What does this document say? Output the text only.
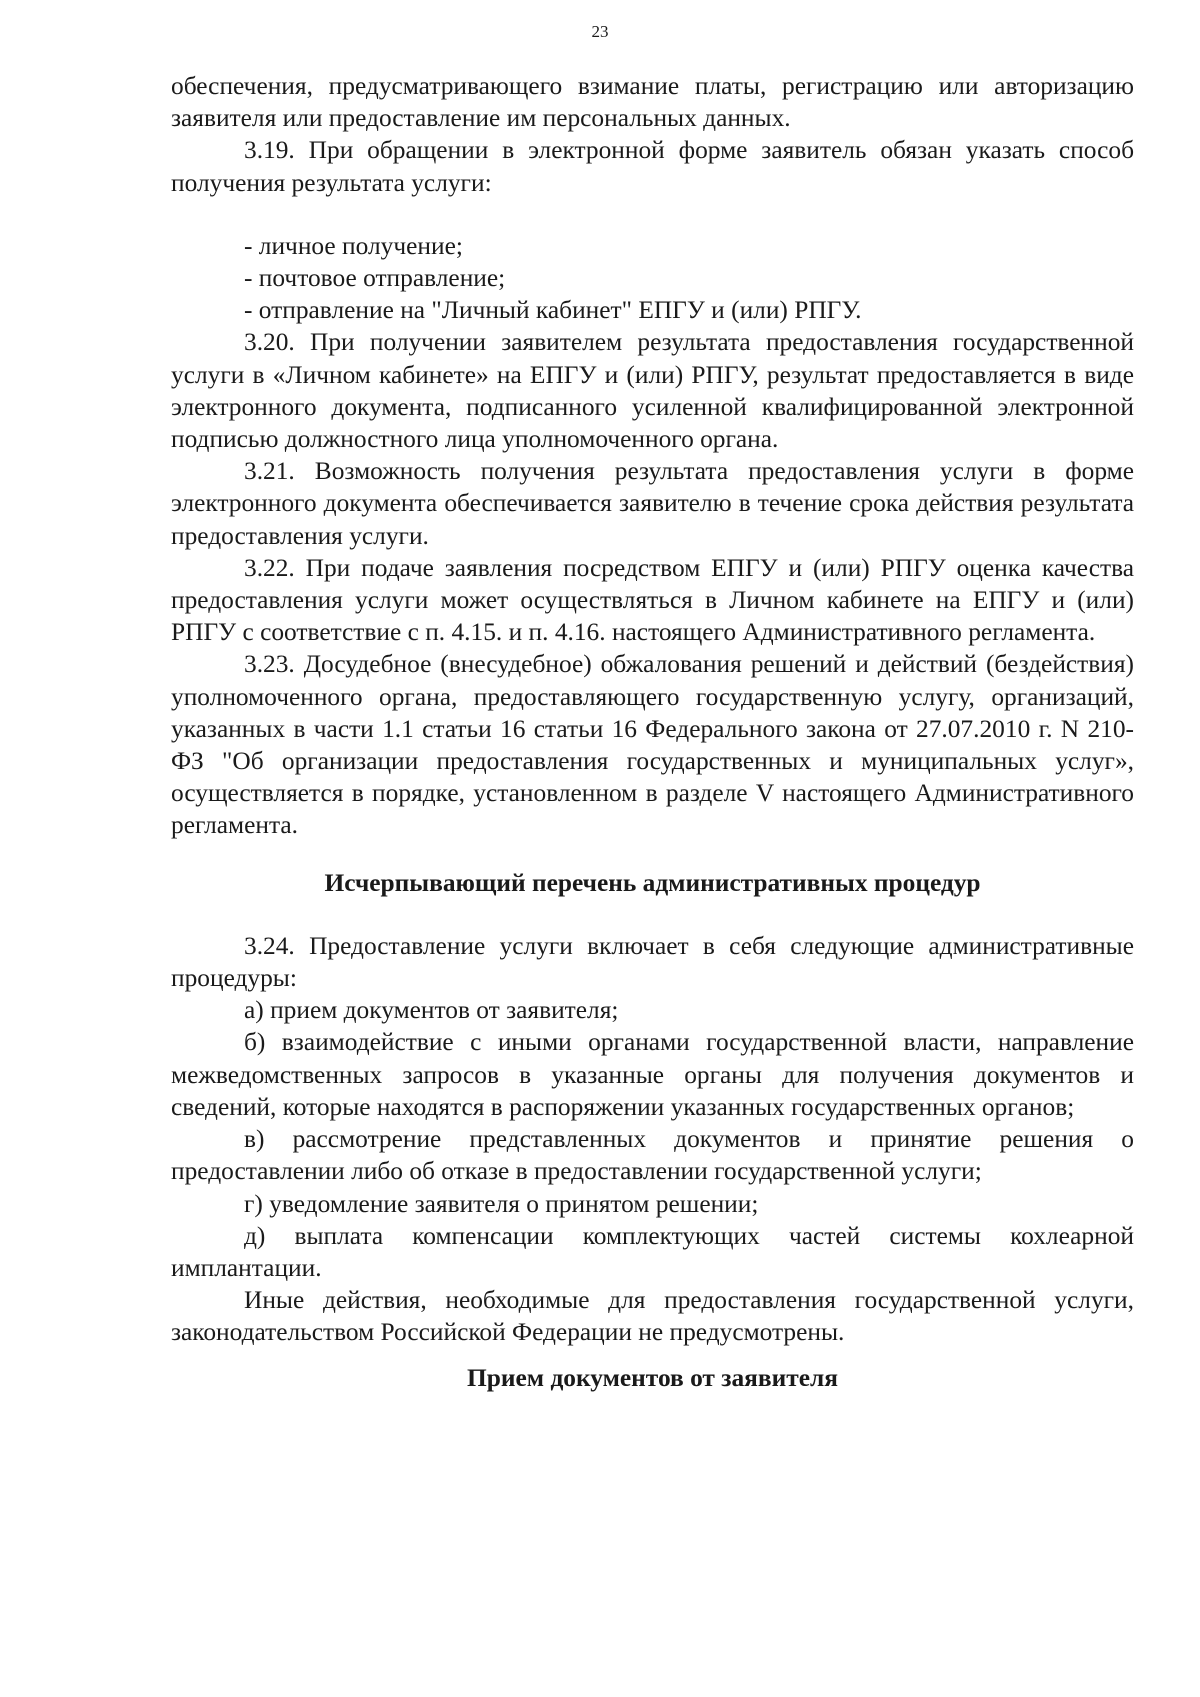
23

обеспечения, предусматривающего взимание платы, регистрацию или авторизацию заявителя или предоставление им персональных данных.

3.19. При обращении в электронной форме заявитель обязан указать способ получения результата услуги:

- личное получение;

- почтовое отправление;

- отправление на "Личный кабинет" ЕПГУ и (или) РПГУ.

3.20. При получении заявителем результата предоставления государственной услуги в «Личном кабинете» на ЕПГУ и (или) РПГУ, результат предоставляется в виде электронного документа, подписанного усиленной квалифицированной электронной подписью должностного лица уполномоченного органа.

3.21. Возможность получения результата предоставления услуги в форме электронного документа обеспечивается заявителю в течение срока действия результата предоставления услуги.

3.22. При подаче заявления посредством ЕПГУ и (или) РПГУ оценка качества предоставления услуги может осуществляться в Личном кабинете на ЕПГУ и (или) РПГУ с соответствие с п. 4.15. и п. 4.16. настоящего Административного регламента.

3.23. Досудебное (внесудебное) обжалования решений и действий (бездействия) уполномоченного органа, предоставляющего государственную услугу, организаций, указанных в части 1.1 статьи 16 статьи 16 Федерального закона от 27.07.2010 г. N 210-ФЗ "Об организации предоставления государственных и муниципальных услуг», осуществляется в порядке, установленном в разделе V настоящего Административного регламента.

Исчерпывающий перечень административных процедур

3.24. Предоставление услуги включает в себя следующие административные процедуры:

а) прием документов от заявителя;

б) взаимодействие с иными органами государственной власти, направление межведомственных запросов в указанные органы для получения документов и сведений, которые находятся в распоряжении указанных государственных органов;

в) рассмотрение представленных документов и принятие решения о предоставлении либо об отказе в предоставлении государственной услуги;

г) уведомление заявителя о принятом решении;

д) выплата компенсации комплектующих частей системы кохлеарной имплантации.

Иные действия, необходимые для предоставления государственной услуги, законодательством Российской Федерации не предусмотрены.

Прием документов от заявителя
